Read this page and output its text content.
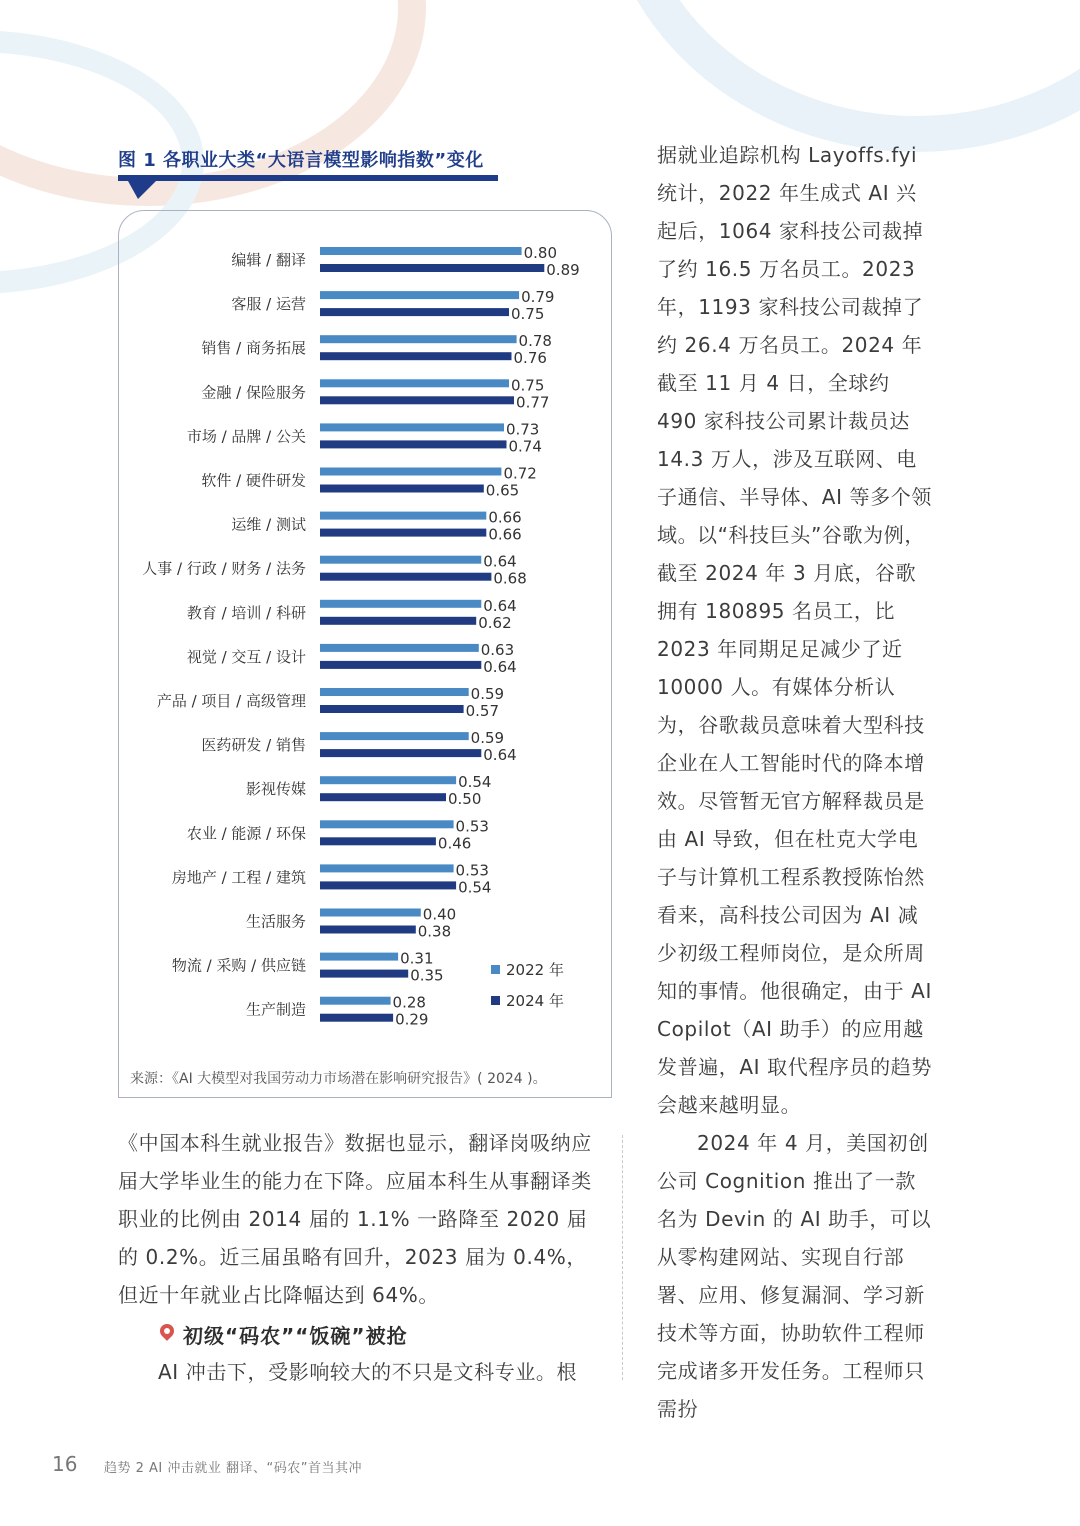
图 1 各职业大类“大语言模型影响指数”变化
编辑 / 翻译	0.80
0.89
客服 / 运营	0.79
0.75
销售 / 商务拓展	0.78
0.76
金融 / 保险服务	0.75
0.77
市场 / 品牌 / 公关	0.73
0.74
软件 / 硬件研发	0.72
0.65
运维 / 测试	0.66
0.66
人事 / 行政 / 财务 / 法务	0.64
0.68
教育 / 培训 / 科研	0.64
0.62
视觉 / 交互 / 设计	0.63
0.64
产品 / 项目 / 高级管理	0.59
0.57
医药研发 / 销售	0.59
0.64
影视传媒	0.54
0.50
农业 / 能源 / 环保	0.53
0.46
房地产 / 工程 / 建筑	0.53
0.54
生活服务	0.40
0.38
物流 / 采购 / 供应链	0.31
0.35
生产制造	0.28
0.29
2022 年
2024 年
来源：《AI 大模型对我国劳动力市场潜在影响研究报告》( 2024 )。

《中国本科生就业报告》数据也显示，翻译岗吸纳应届大学毕业生的能力在下降。应届本科生从事翻译类职业的比例由 2014 届的 1.1% 一路降至 2020 届的 0.2%。近三届虽略有回升，2023 届为 0.4%，但近十年就业占比降幅达到 64%。

初级“码农”“饭碗”被抢

AI 冲击下，受影响较大的不只是文科专业。根

据就业追踪机构 Layoffs.fyi 统计，2022 年生成式 AI 兴起后，1064 家科技公司裁掉了约 16.5 万名员工。2023 年，1193 家科技公司裁掉了约 26.4 万名员工。2024 年截至 11 月 4 日，全球约 490 家科技公司累计裁员达 14.3 万人，涉及互联网、电子通信、半导体、AI 等多个领域。

以“科技巨头”谷歌为例，截至 2024 年 3 月底，谷歌拥有 180895 名员工，比 2023 年同期足足减少了近 10000 人。有媒体分析认为，谷歌裁员意味着大型科技企业在人工智能时代的降本增效。尽管暂无官方解释裁员是由 AI 导致，但在杜克大学电子与计算机工程系教授陈怡然看来，高科技公司因为 AI 减少初级工程师岗位，是众所周知的事情。他很确定，由于 AI Copilot（AI 助手）的应用越发普遍，AI 取代程序员的趋势会越来越明显。

2024 年 4 月，美国初创公司 Cognition 推出了一款名为 Devin 的 AI 助手，可以从零构建网站、实现自行部署、应用、修复漏洞、学习新技术等方面，协助软件工程师完成诸多开发任务。工程师只需扮

16 趋势 2 AI 冲击就业 翻译、“码农”首当其冲
